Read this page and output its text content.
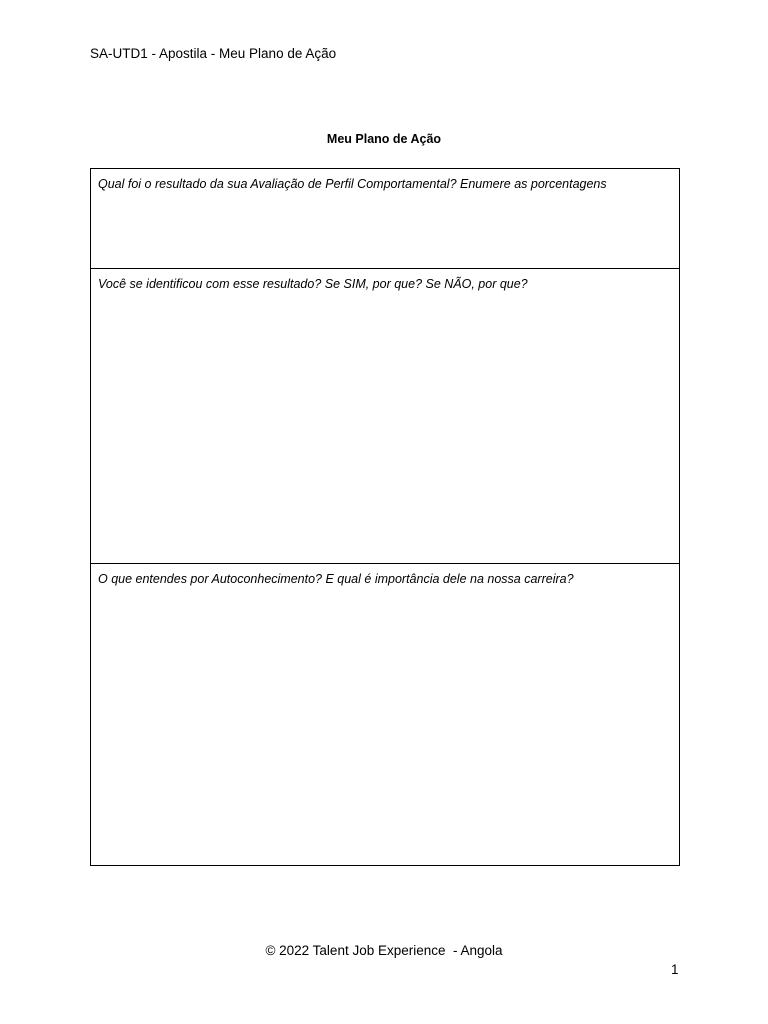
SA-UTD1 - Apostila - Meu Plano de Ação
Meu Plano de Ação
Qual foi o resultado da sua Avaliação de Perfil Comportamental? Enumere as porcentagens
Você se identificou com esse resultado? Se SIM, por que? Se NÃO, por que?
O que entendes por Autoconhecimento? E qual é importância dele na nossa carreira?
© 2022 Talent Job Experience  - Angola
1
